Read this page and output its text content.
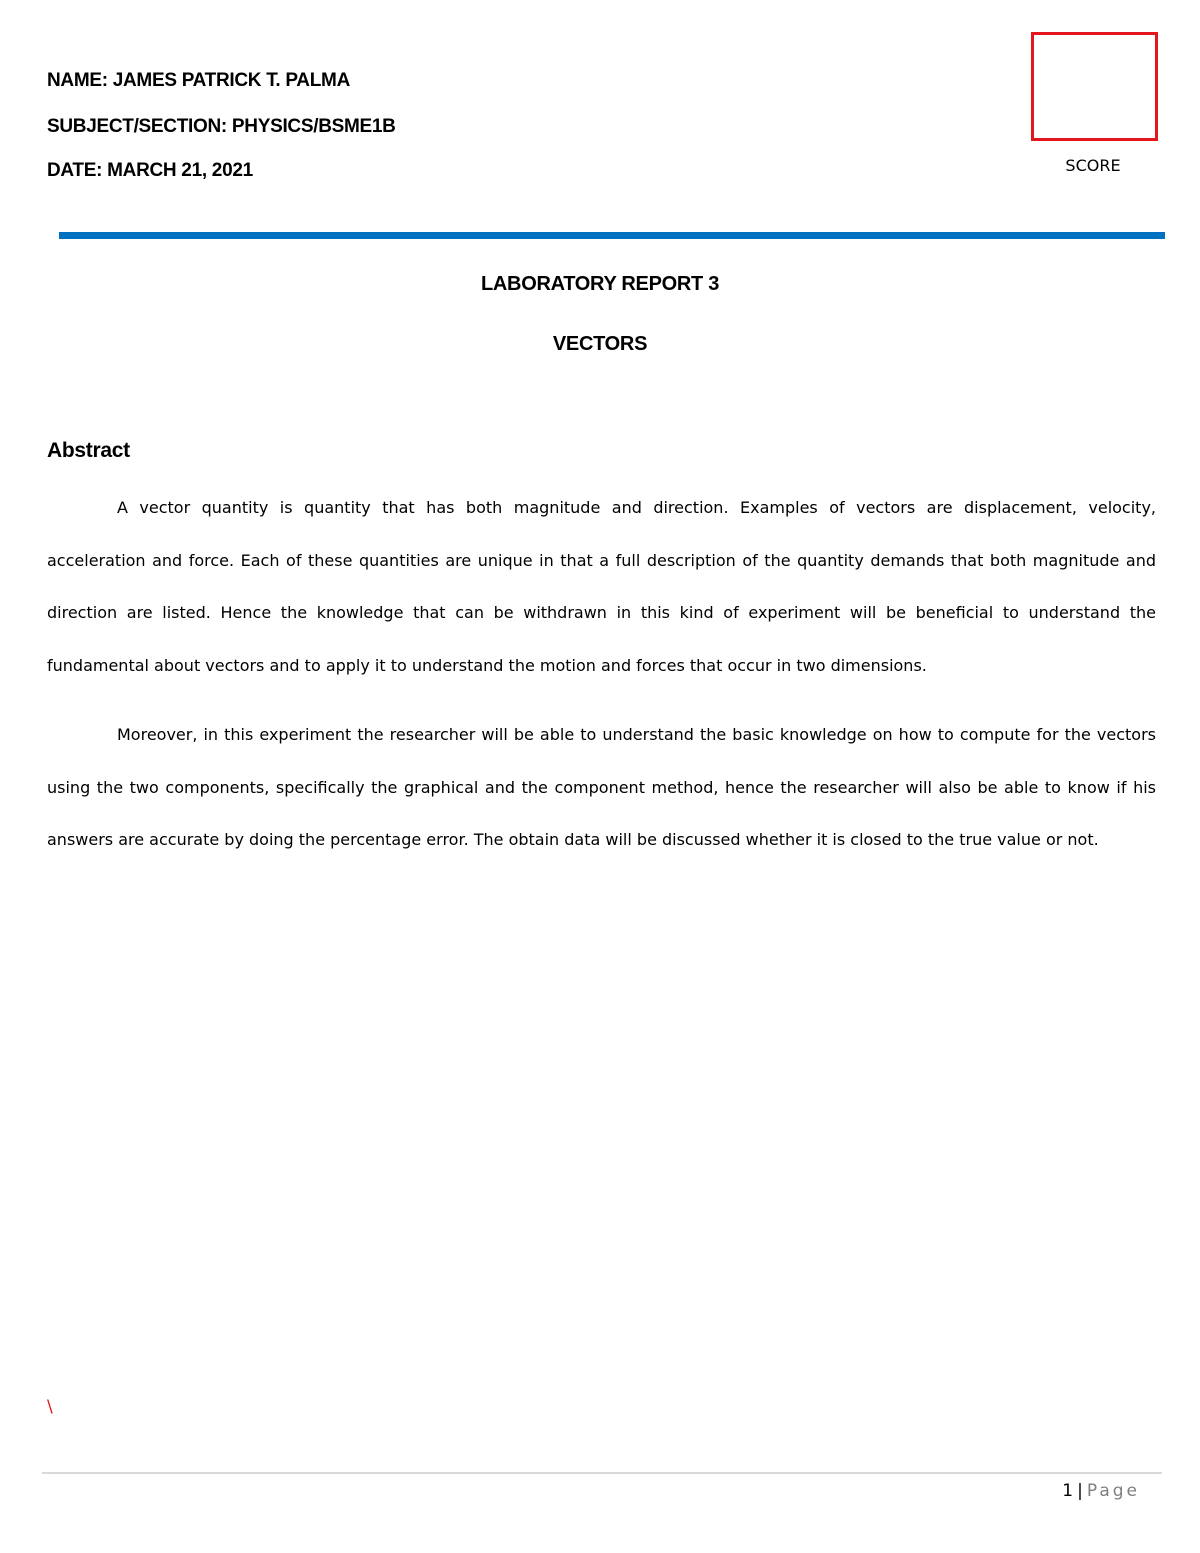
NAME: JAMES PATRICK T. PALMA
SUBJECT/SECTION: PHYSICS/BSME1B
DATE: MARCH 21, 2021	SCORE
LABORATORY REPORT 3
VECTORS
Abstract

A vector quantity is quantity that has both magnitude and direction. Examples of vectors are displacement, velocity, acceleration and force. Each of these quantities are unique in that a full description of the quantity demands that both magnitude and direction are listed. Hence the knowledge that can be withdrawn in this kind of experiment will be beneficial to understand the fundamental about vectors and to apply it to understand the motion and forces that occur in two dimensions.

Moreover, in this experiment the researcher will be able to understand the basic knowledge on how to compute for the vectors using the two components, specifically the graphical and the component method, hence the researcher will also be able to know if his answers are accurate by doing the percentage error. The obtain data will be discussed whether it is closed to the true value or not.

\
1 | Page
